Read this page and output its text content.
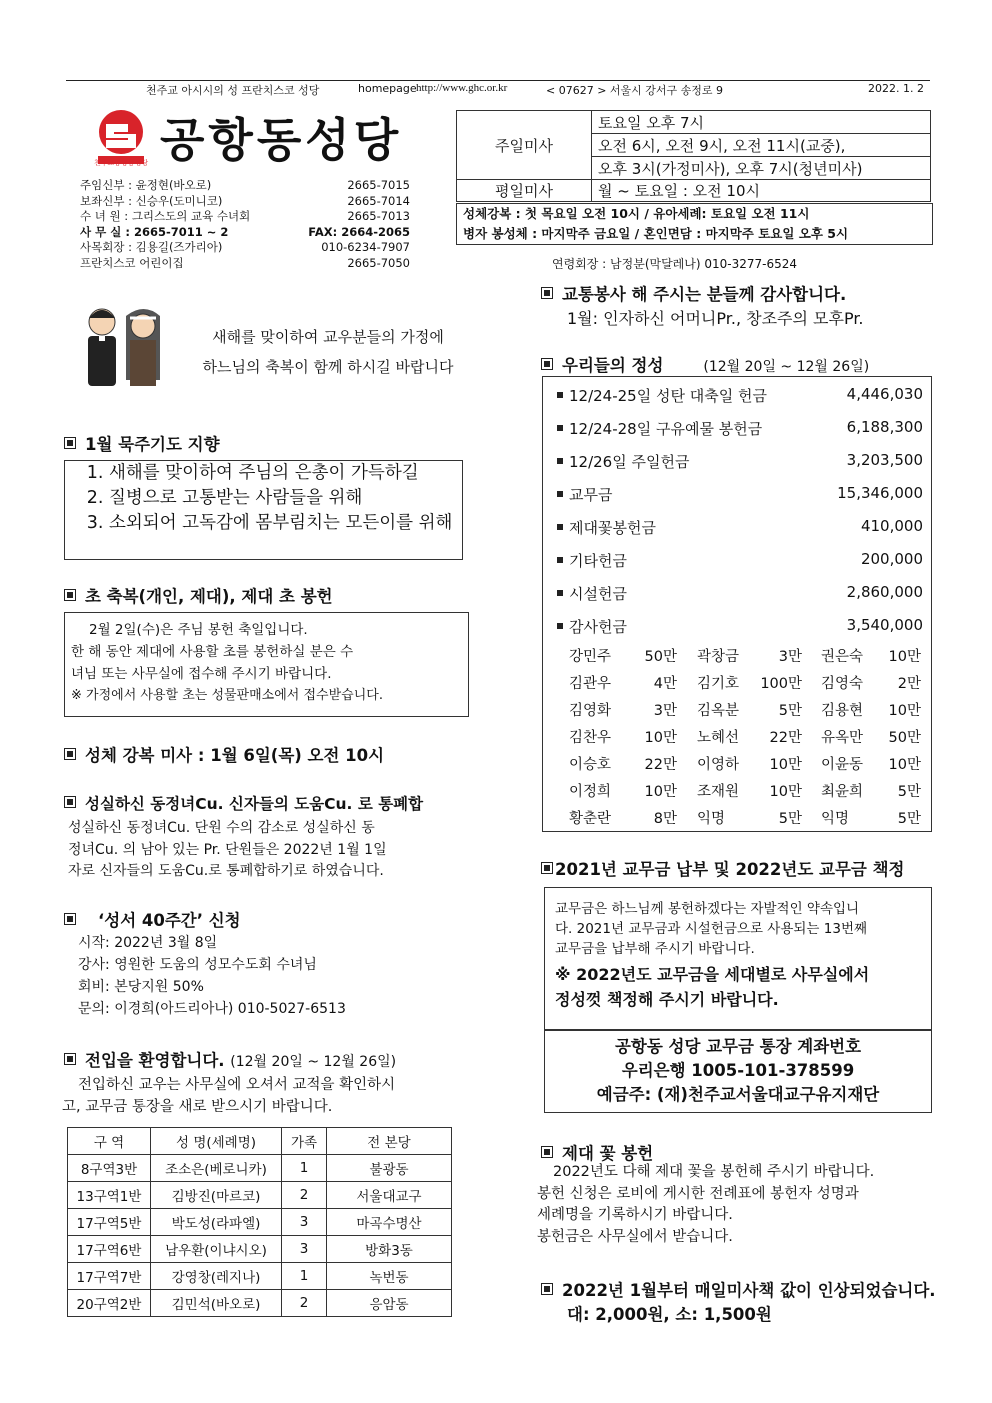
천주교 아시시의 성 프란치스코 성당	homepage http://www.ghc.or.kr	< 07627 > 서울시 강서구 송정로 9	2022. 1. 2
천주교공항동성당 공항동성당
주임신부 : 윤정현(바오로)	2665-7015
보좌신부 : 신승우(도미니코)	2665-7014
수 녀 원 : 그리스도의 교육 수녀회	2665-7013
사 무 실 : 2665-7011 ~ 2	FAX: 2664-2065
사목회장 : 김용길(즈가리아)	010-6234-7907
프란치스코 어린이집	2665-7050
주일미사	토요일 오후 7시
	오전 6시, 오전 9시, 오전 11시(교중),
	오후 3시(가정미사), 오후 7시(청년미사)
평일미사	월 ~ 토요일 : 오전 10시
성체강복 : 첫 목요일 오전 10시 / 유아세례: 토요일 오전 11시
병자 봉성체 : 마지막주 금요일 / 혼인면담 : 마지막주 토요일 오후 5시
연령회장 : 남정분(막달레나) 010-3277-6524
새해를 맞이하여 교우분들의 가정에
하느님의 축복이 함께 하시길 바랍니다
1월 묵주기도 지향
1. 새해를 맞이하여 주님의 은총이 가득하길
2. 질병으로 고통받는 사람들을 위해
3. 소외되어 고독감에 몸부림치는 모든이를 위해
초 축복(개인, 제대), 제대 초 봉헌
2월 2일(수)은 주님 봉헌 축일입니다.
한 해 동안 제대에 사용할 초를 봉헌하실 분은 수
녀님 또는 사무실에 접수해 주시기 바랍니다.
※ 가정에서 사용할 초는 성물판매소에서 접수받습니다.
성체 강복 미사 : 1월 6일(목) 오전 10시
성실하신 동정녀Cu. 신자들의 도움Cu. 로 통폐합
성실하신 동정녀Cu. 단원 수의 감소로 성실하신 동
정녀Cu. 의 남아 있는 Pr. 단원들은 2022년 1월 1일
자로 신자들의 도움Cu.로 통폐합하기로 하였습니다.
‘성서 40주간’ 신청
시작: 2022년 3월 8일
강사: 영원한 도움의 성모수도회 수녀님
회비: 본당지원 50%
문의: 이경희(아드리아나) 010-5027-6513
전입을 환영합니다. (12월 20일 ~ 12월 26일)
전입하신 교우는 사무실에 오셔서 교적을 확인하시
고, 교무금 통장을 새로 받으시기 바랍니다.
구 역	성 명(세례명)	가족	전 본당
8구역3반	조소은(베로니카)	1	불광동
13구역1반	김방진(마르코)	2	서울대교구
17구역5반	박도성(라파엘)	3	마곡수명산
17구역6반	남우환(이냐시오)	3	방화3동
17구역7반	강영창(레지나)	1	녹번동
20구역2반	김민석(바오로)	2	응암동
교통봉사 해 주시는 분들께 감사합니다.
1월: 인자하신 어머니Pr., 창조주의 모후Pr.
우리들의 정성	(12월 20일 ~ 12월 26일)
12/24-25일 성탄 대축일 헌금	4,446,030
12/24-28일 구유예물 봉헌금	6,188,300
12/26일 주일헌금	3,203,500
교무금	15,346,000
제대꽃봉헌금	410,000
기타헌금	200,000
시설헌금	2,860,000
감사헌금	3,540,000
강민주 50만 곽창금	3만 권은숙 10만
김관우	4만 김기호 100만 김영숙 2만
김영화	3만 김옥분	5만 김용현 10만
김찬우 10만 노혜선 22만 유옥만 50만
이승호 22만 이영하 10만 이윤동 10만
이정희 10만 조재원 10만 최윤희 5만
황춘란	8만 익명	5만 익명	5만
2021년 교무금 납부 및 2022년도 교무금 책정
교무금은 하느님께 봉헌하겠다는 자발적인 약속입니
다. 2021년 교무금과 시설헌금으로 사용되는 13번째
교무금을 납부해 주시기 바랍니다.
※ 2022년도 교무금을 세대별로 사무실에서
정성껏 책정해 주시기 바랍니다.
공항동 성당 교무금 통장 계좌번호
우리은행 1005-101-378599
예금주: (재)천주교서울대교구유지재단
제대 꽃 봉헌
2022년도 다해 제대 꽃을 봉헌해 주시기 바랍니다.
봉헌 신청은 로비에 게시한 전례표에 봉헌자 성명과
세례명을 기록하시기 바랍니다.
봉헌금은 사무실에서 받습니다.
2022년 1월부터 매일미사책 값이 인상되었습니다.
대: 2,000원, 소: 1,500원
